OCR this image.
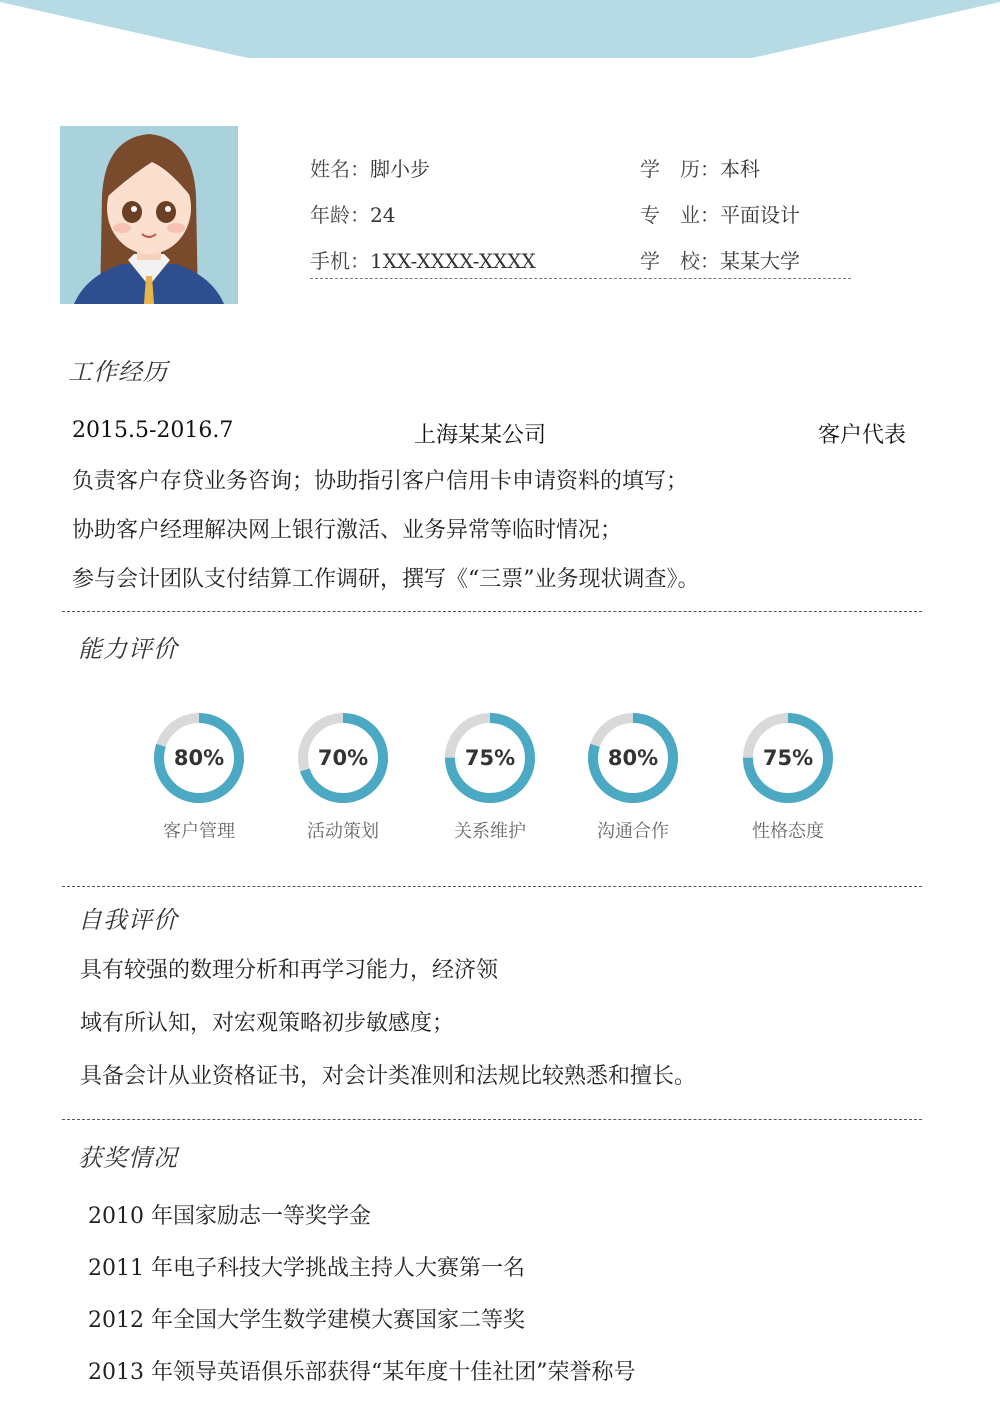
姓名：脚小步
年龄：24
手机：1XX-XXXX-XXXX
学　历：本科
专　业：平面设计
学　校：某某大学
工作经历
2015.5-2016.7	上海某某公司	客户代表
负责客户存贷业务咨询；协助指引客户信用卡申请资料的填写；
协助客户经理解决网上银行激活、业务异常等临时情况；
参与会计团队支付结算工作调研，撰写《“三票”业务现状调查》。
能力评价
80%
客户管理
70%
活动策划
75%
关系维护
80%
沟通合作
75%
性格态度
自我评价
具有较强的数理分析和再学习能力，经济领
域有所认知，对宏观策略初步敏感度；
具备会计从业资格证书，对会计类准则和法规比较熟悉和擅长。
获奖情况
2010 年国家励志一等奖学金
2011 年电子科技大学挑战主持人大赛第一名
2012 年全国大学生数学建模大赛国家二等奖
2013 年领导英语俱乐部获得“某年度十佳社团”荣誉称号
